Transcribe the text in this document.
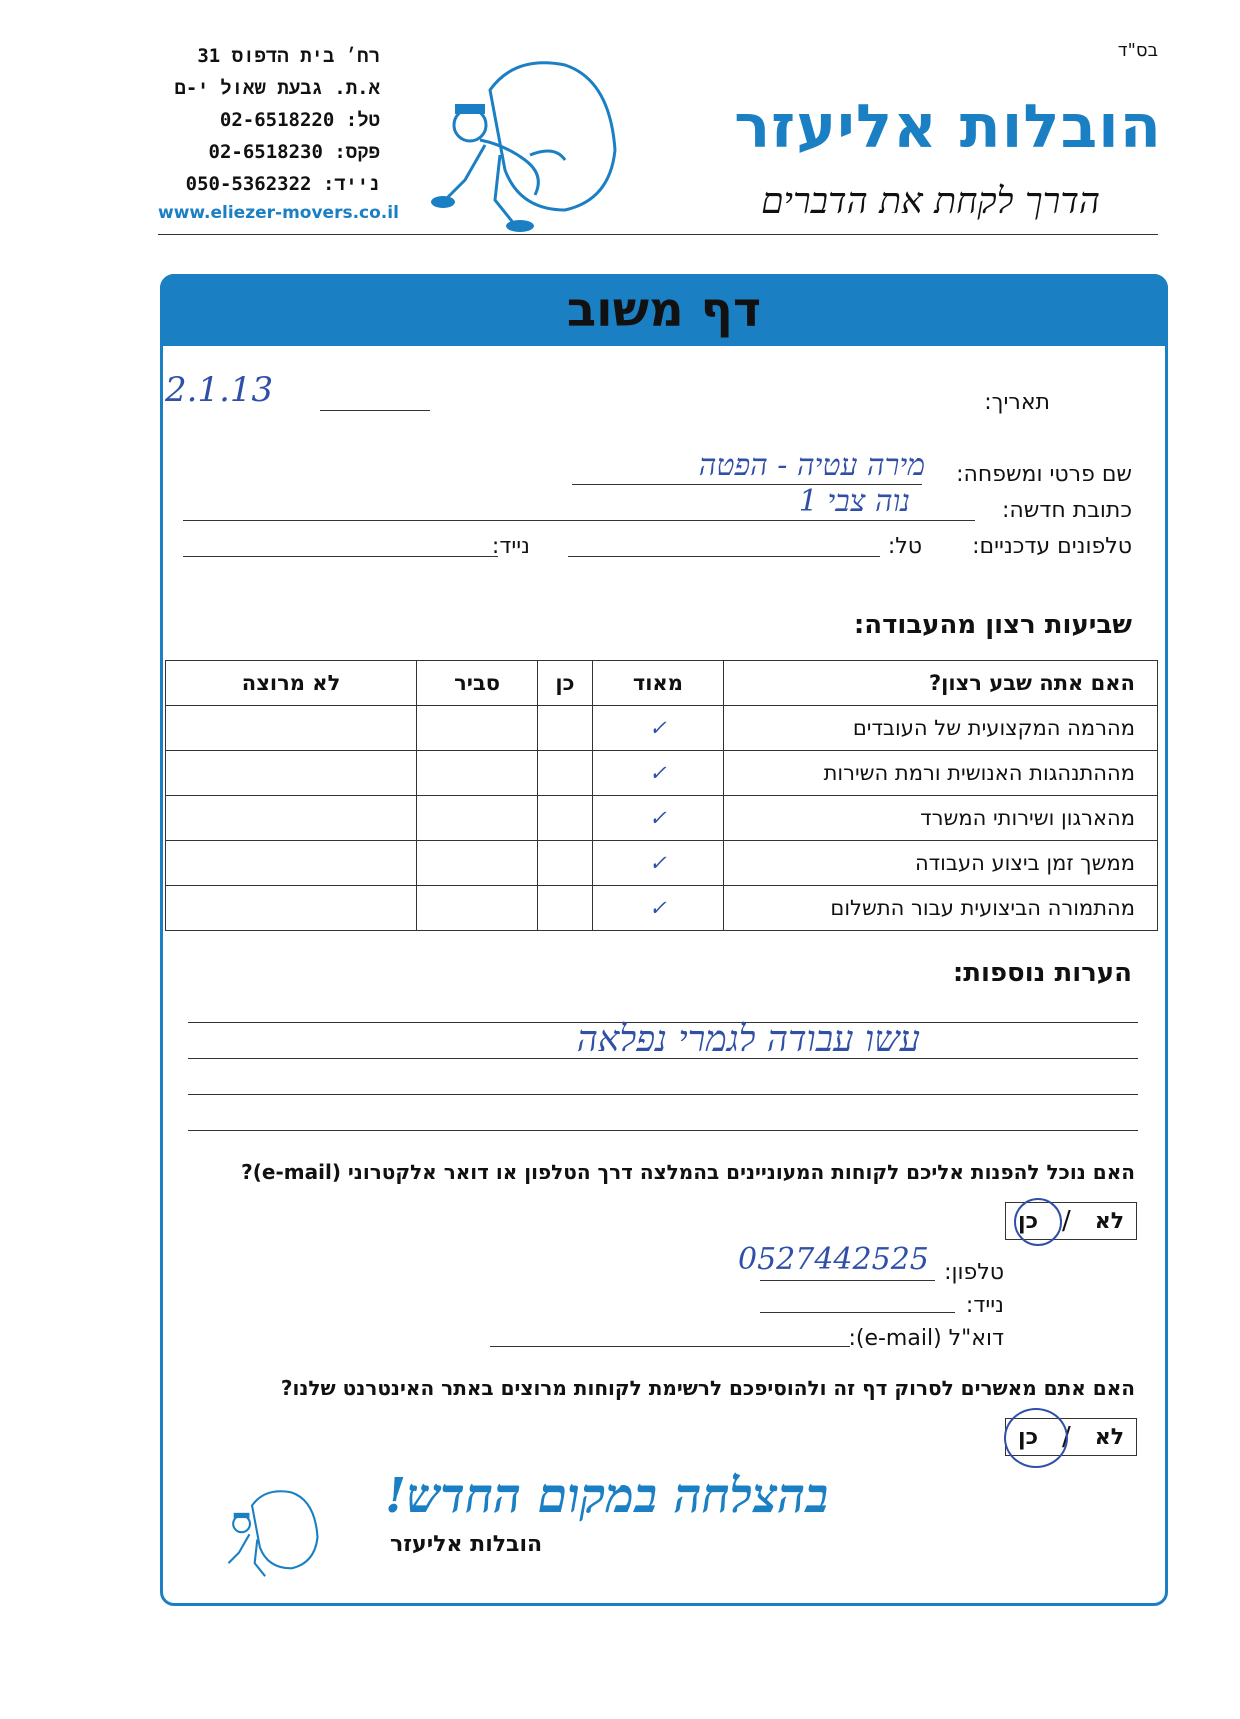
בס"ד
הובלות אליעזר
הדרך לקחת את הדברים
רח׳ בית הדפוס 31
א.ת. גבעת שאול י-ם
טל: 02-6518220
פקס: 02-6518230
נייד: 050-5362322
www.eliezer-movers.co.il
דף משוב
תאריך:
2.1.13
שם פרטי ומשפחה:
מירה עטיה - הפטה
כתובת חדשה:
נוה צבי 1
טלפונים עדכניים:
טל:
נייד:
שביעות רצון מהעבודה:
האם אתה שבע רצון?	מאוד	כן	סביר	לא מרוצה
מהרמה המקצועית של העובדים	✓			
מההתנהגות האנושית ורמת השירות	✓			
מהארגון ושירותי המשרד	✓			
ממשך זמן ביצוע העבודה	✓			
מהתמורה הביצועית עבור התשלום	✓			
הערות נוספות:
עשו עבודה לגמרי נפלאה
האם נוכל להפנות אליכם לקוחות המעוניינים בהמלצה דרך הטלפון או דואר אלקטרוני (e-mail)?
לא
/
כן
טלפון:
0527442525
נייד:
דוא"ל (e-mail):
האם אתם מאשרים לסרוק דף זה ולהוסיפכם לרשימת לקוחות מרוצים באתר האינטרנט שלנו?
לא
/
כן
בהצלחה במקום החדש!
הובלות אליעזר
